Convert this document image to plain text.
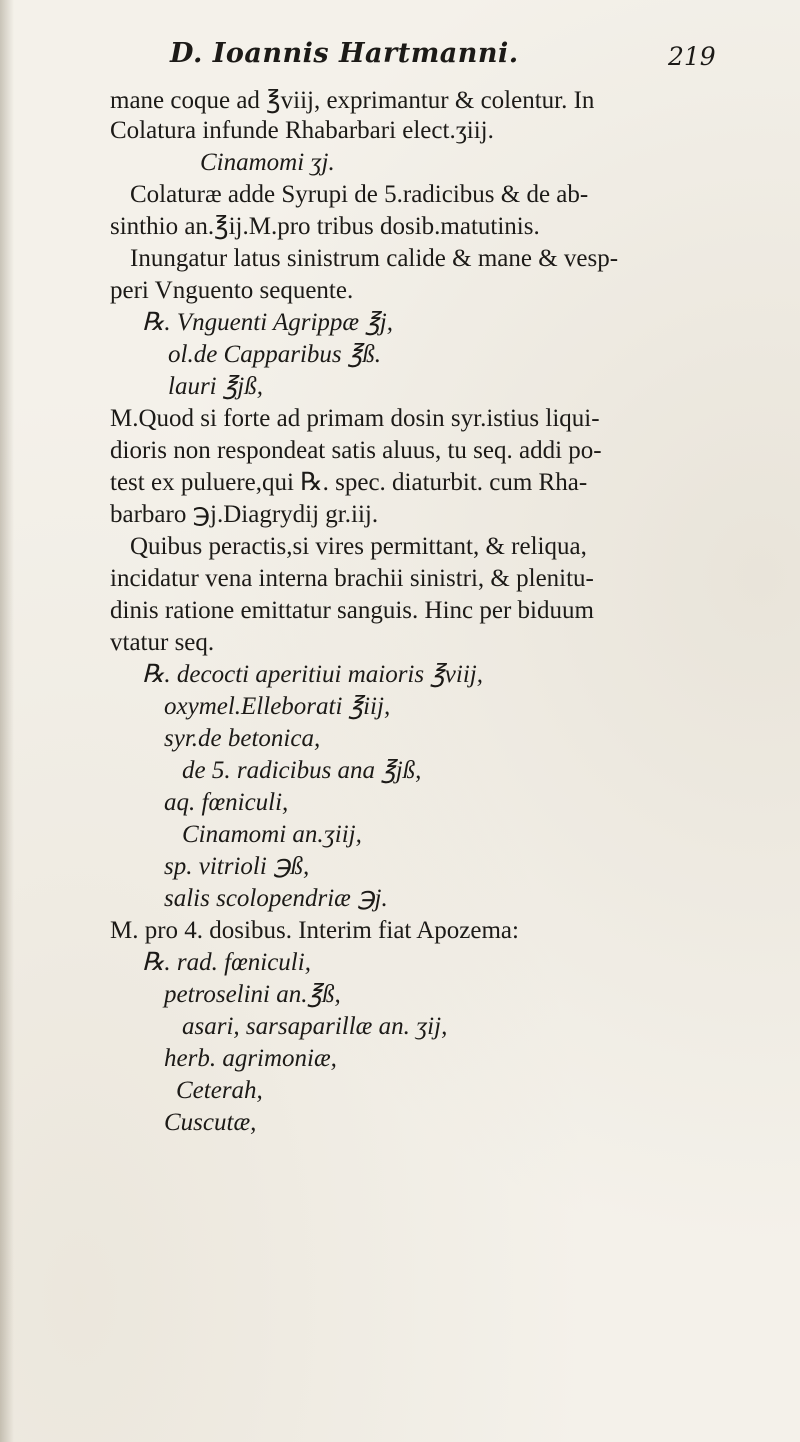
D. Ioannis Hartmanni.	219
mane coque ad ℥viij, exprimantur & colentur. In
Colatura infunde Rhabarbari elect.ʒiij.
Cinamomi ʒj.
Colaturæ adde Syrupi de 5.radicibus & de ab-
sinthio an.℥ij.M.pro tribus dosib.matutinis.
Inungatur latus sinistrum calide & mane & vesp-
peri Vnguento sequente.
℞. Vnguenti Agrippæ ℥j,
ol.de Capparibus ℥ß.
lauri ℥jß,
M.Quod si forte ad primam dosin syr.istius liqui-
dioris non respondeat satis aluus, tu seq. addi po-
test ex puluere,qui ℞. spec. diaturbit. cum Rha-
barbaro ℈j.Diagrydij gr.iij.
Quibus peractis,si vires permittant, & reliqua,
incidatur vena interna brachii sinistri, & plenitu-
dinis ratione emittatur sanguis. Hinc per biduum
vtatur seq.
℞. decocti aperitiui maioris ℥viij,
oxymel.Elleborati ℥iij,
syr.de betonica,
de 5. radicibus ana ℥jß,
aq. fœniculi,
Cinamomi an.ʒiij,
sp. vitrioli ℈ß,
salis scolopendriæ ℈j.
M. pro 4. dosibus. Interim fiat Apozema:
℞. rad. fœniculi,
petroselini an.℥ß,
asari, sarsaparillæ an. ʒij,
herb. agrimoniæ,
Ceterah,
Cuscutæ,
